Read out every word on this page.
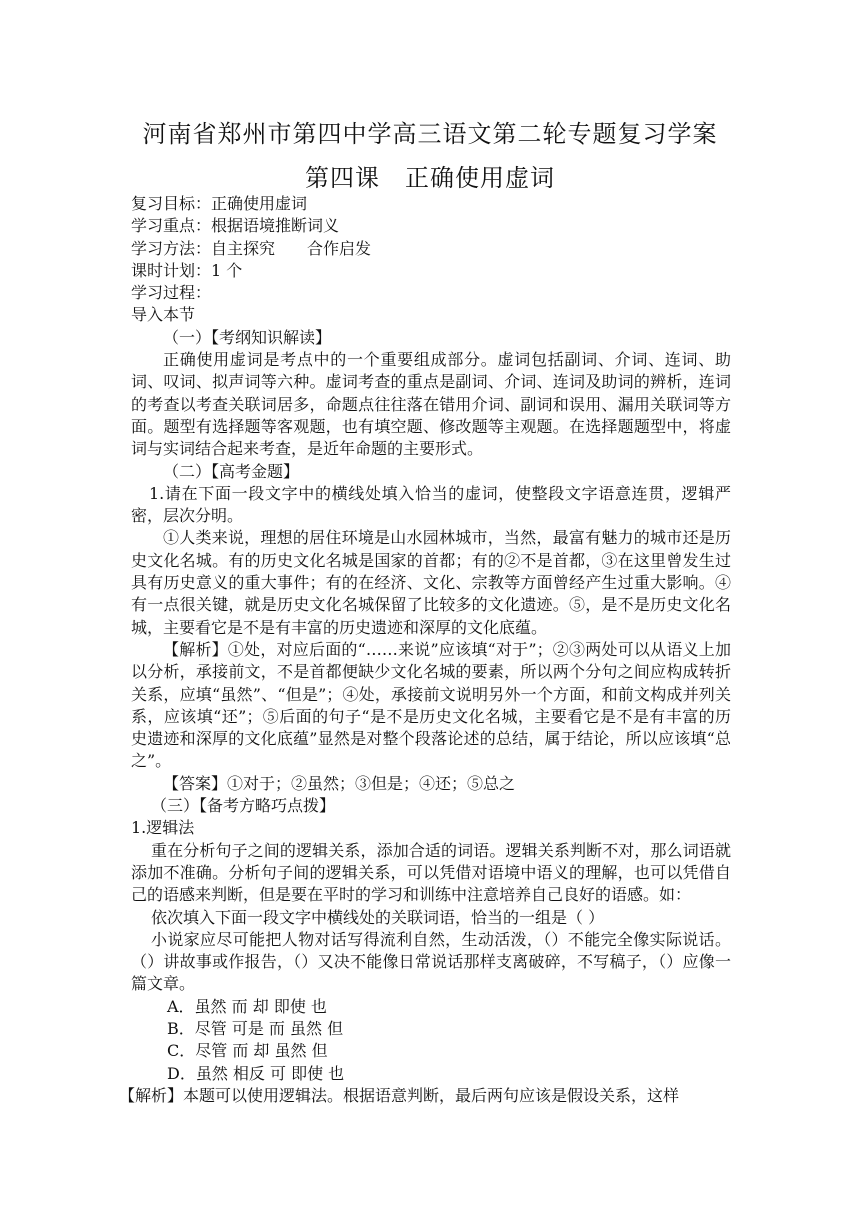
河南省郑州市第四中学高三语文第二轮专题复习学案
第四课　正确使用虚词

复习目标：正确使用虚词

学习重点：根据语境推断词义

学习方法：自主探究　　合作启发

课时计划：1 个

学习过程：

导入本节

（一）【考纲知识解读】

正确使用虚词是考点中的一个重要组成部分。虚词包括副词、介词、连词、助词、叹词、拟声词等六种。虚词考查的重点是副词、介词、连词及助词的辨析，连词的考查以考查关联词居多，命题点往往落在错用介词、副词和误用、漏用关联词等方面。题型有选择题等客观题，也有填空题、修改题等主观题。在选择题题型中，将虚词与实词结合起来考查，是近年命题的主要形式。

（二）【高考金题】

1.请在下面一段文字中的横线处填入恰当的虚词，使整段文字语意连贯，逻辑严密，层次分明。

①人类来说，理想的居住环境是山水园林城市，当然，最富有魅力的城市还是历史文化名城。有的历史文化名城是国家的首都；有的②不是首都，③在这里曾发生过具有历史意义的重大事件；有的在经济、文化、宗教等方面曾经产生过重大影响。④有一点很关键，就是历史文化名城保留了比较多的文化遗迹。⑤，是不是历史文化名城，主要看它是不是有丰富的历史遗迹和深厚的文化底蕴。

【解析】①处，对应后面的“……来说”应该填“对于”；②③两处可以从语义上加以分析，承接前文，不是首都便缺少文化名城的要素，所以两个分句之间应构成转折关系，应填“虽然”、“但是”；④处，承接前文说明另外一个方面，和前文构成并列关系，应该填“还”；⑤后面的句子“是不是历史文化名城，主要看它是不是有丰富的历史遗迹和深厚的文化底蕴”显然是对整个段落论述的总结，属于结论，所以应该填“总之”。

【答案】①对于；②虽然；③但是；④还；⑤总之

（三）【备考方略巧点拨】

1.逻辑法

重在分析句子之间的逻辑关系，添加合适的词语。逻辑关系判断不对，那么词语就添加不准确。分析句子间的逻辑关系，可以凭借对语境中语义的理解，也可以凭借自己的语感来判断，但是要在平时的学习和训练中注意培养自己良好的语感。如：

依次填入下面一段文字中横线处的关联词语，恰当的一组是（ ）

小说家应尽可能把人物对话写得流利自然，生动活泼，（）不能完全像实际说话。（）讲故事或作报告，（）又决不能像日常说话那样支离破碎，不写稿子，（）应像一篇文章。

A．虽然 而 却 即使 也

B．尽管 可是 而 虽然 但

C．尽管 而 却 虽然 但

D．虽然 相反 可 即使 也

【解析】本题可以使用逻辑法。根据语意判断，最后两句应该是假设关系，这样
